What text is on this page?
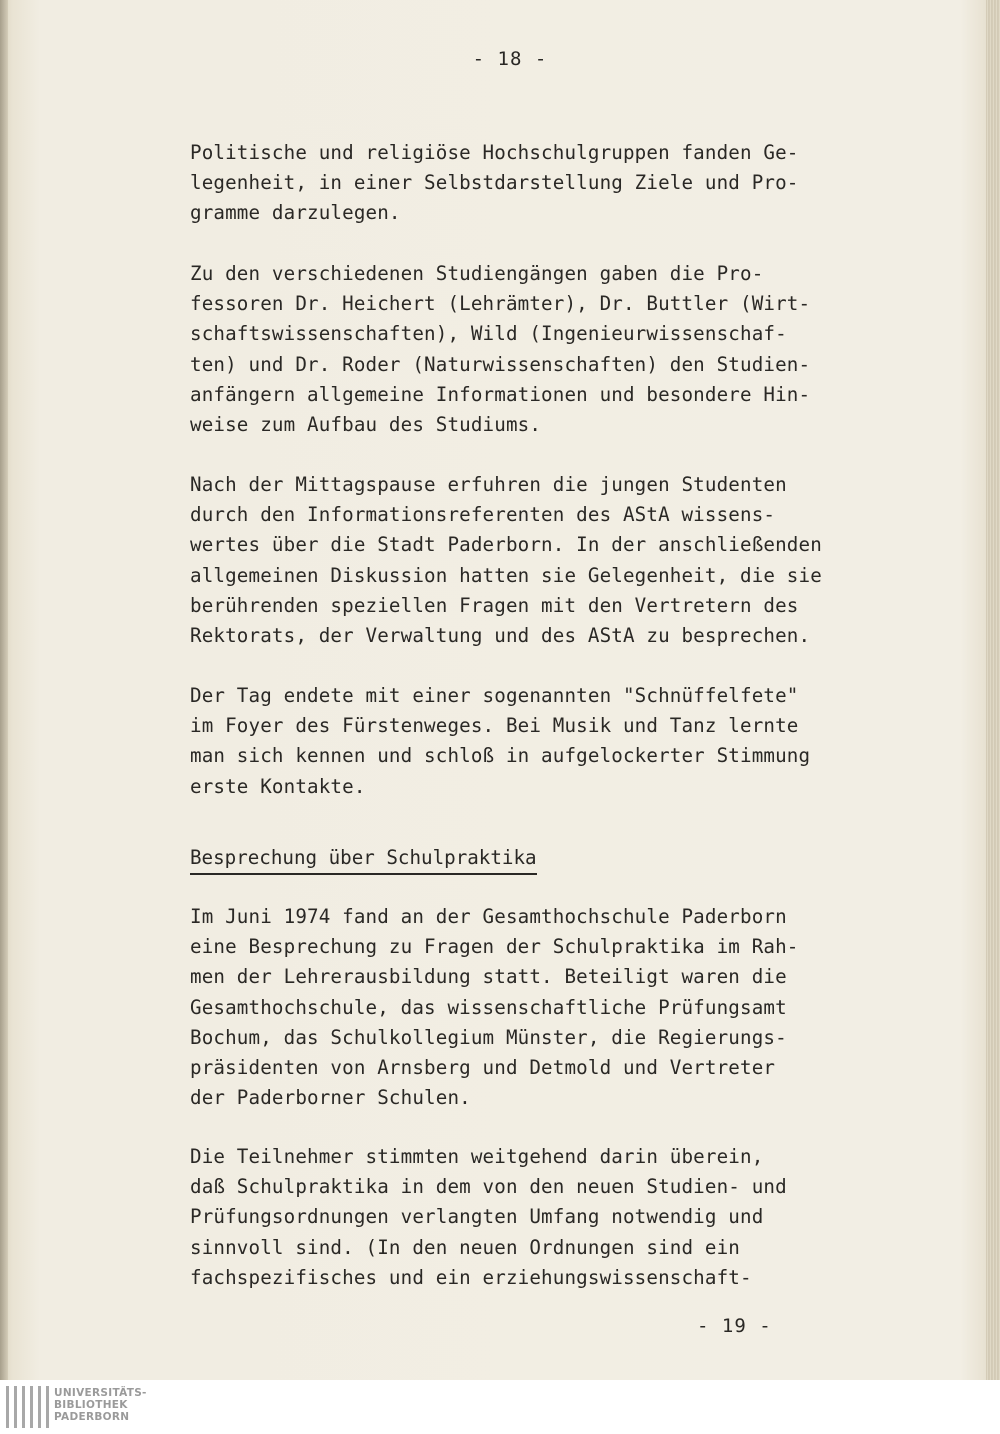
- 18 -
Politische und religiöse Hochschulgruppen fanden Ge-
legenheit, in einer Selbstdarstellung Ziele und Pro-
gramme darzulegen.
Zu den verschiedenen Studiengängen gaben die Pro-
fessoren Dr. Heichert (Lehrämter), Dr. Buttler (Wirt-
schaftswissenschaften), Wild (Ingenieurwissenschaf-
ten) und Dr. Roder (Naturwissenschaften) den Studien-
anfängern allgemeine Informationen und besondere Hin-
weise zum Aufbau des Studiums.
Nach der Mittagspause erfuhren die jungen Studenten
durch den Informationsreferenten des AStA wissens-
wertes über die Stadt Paderborn. In der anschließenden
allgemeinen Diskussion hatten sie Gelegenheit, die sie
berührenden speziellen Fragen mit den Vertretern des
Rektorats, der Verwaltung und des AStA zu besprechen.
Der Tag endete mit einer sogenannten "Schnüffelfete"
im Foyer des Fürstenweges. Bei Musik und Tanz lernte
man sich kennen und schloß in aufgelockerter Stimmung
erste Kontakte.
Besprechung über Schulpraktika
Im Juni 1974 fand an der Gesamthochschule Paderborn
eine Besprechung zu Fragen der Schulpraktika im Rah-
men der Lehrerausbildung statt. Beteiligt waren die
Gesamthochschule, das wissenschaftliche Prüfungsamt
Bochum, das Schulkollegium Münster, die Regierungs-
präsidenten von Arnsberg und Detmold und Vertreter
der Paderborner Schulen.
Die Teilnehmer stimmten weitgehend darin überein,
daß Schulpraktika in dem von den neuen Studien- und
Prüfungsordnungen verlangten Umfang notwendig und
sinnvoll sind. (In den neuen Ordnungen sind ein
fachspezifisches und ein erziehungswissenschaft-
- 19 -
UNIVERSITÄTS-
BIBLIOTHEK
PADERBORN
